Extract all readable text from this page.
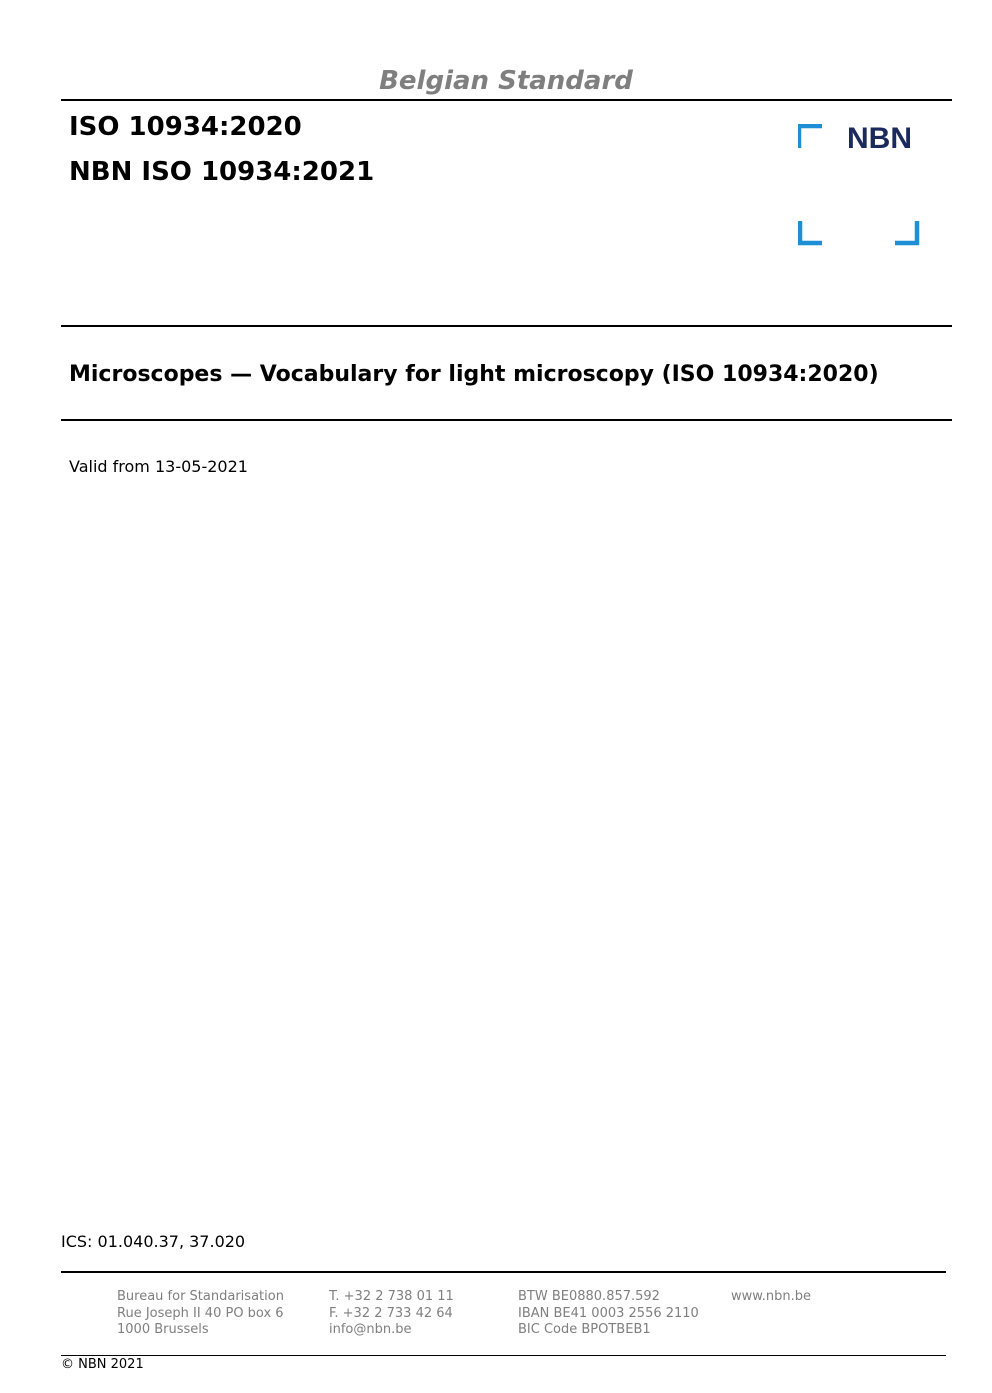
Belgian Standard
ISO 10934:2020
NBN ISO 10934:2021
NBN
Microscopes — Vocabulary for light microscopy (ISO 10934:2020)
Valid from 13-05-2021
ICS: 01.040.37, 37.020
Bureau for Standarisation
Rue Joseph II 40 PO box 6
1000 Brussels
T. +32 2 738 01 11
F. +32 2 733 42 64
info@nbn.be
BTW BE0880.857.592
IBAN BE41 0003 2556 2110
BIC Code BPOTBEB1
www.nbn.be
© NBN 2021
